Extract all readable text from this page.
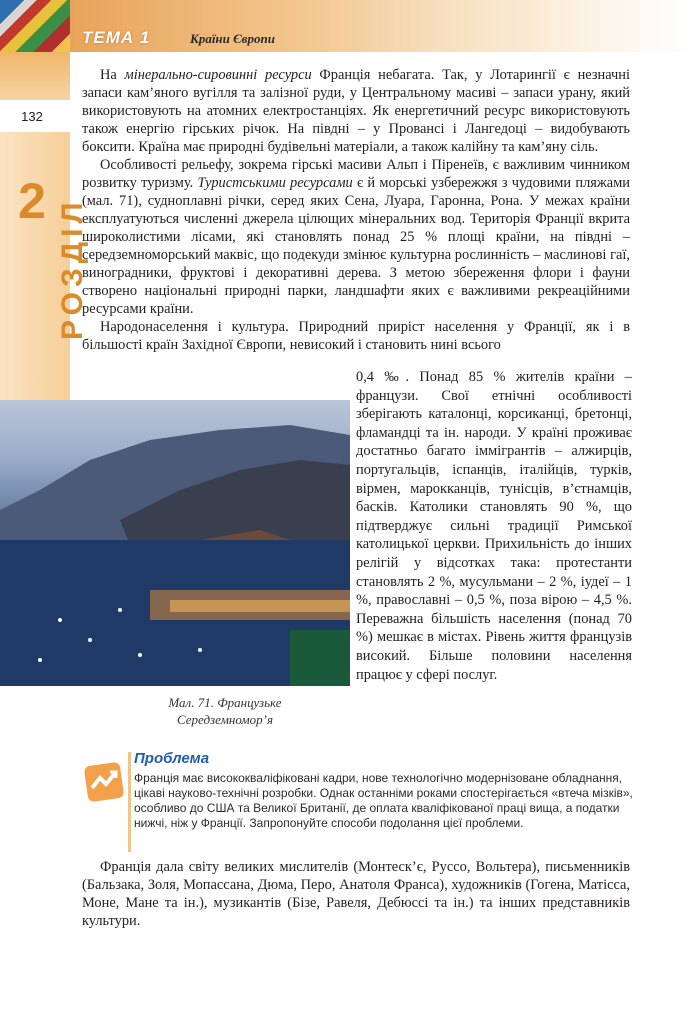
ТЕМА 1	Країни Європи
132
2 РОЗДІЛ

На мінерально-сировинні ресурси Франція небагата. Так, у Лотарингії є незначні запаси кам’яного вугілля та залізної руди, у Центральному масиві – запаси урану, який використовують на атомних електростанціях. Як енергетичний ресурс використовують також енергію гірських річок. На півдні – у Провансі і Лангедоці – видобувають боксити. Країна має природні будівельні матеріали, а також калійну та кам’яну сіль.

Особливості рельефу, зокрема гірські масиви Альп і Піренеїв, є важливим чинником розвитку туризму. Туристськими ресурсами є й морські узбережжя з чудовими пляжами (мал. 71), судноплавні річки, серед яких Сена, Луара, Гаронна, Рона. У межах країни експлуатуються численні джерела цілющих мінеральних вод. Територія Франції вкрита широколистими лісами, які становлять понад 25 % площі країни, на півдні – середземноморський маквіс, що подекуди змінює культурна рослинність – маслинові гаї, виноградники, фруктові і декоративні дерева. З метою збереження флори і фауни створено національні природні парки, ландшафти яких є важливими рекреаційними ресурсами країни.

Народонаселення і культура. Природний приріст населення у Франції, як і в більшості країн Західної Європи, невисокий і становить нині всього

Мал. 71. Французьке Середземномор’я

0,4 ‰. Понад 85 % жителів країни – французи. Свої етнічні особливості зберігають каталонці, корсиканці, бретонці, фламандці та ін. народи. У країні проживає достатньо багато іммігрантів – алжирців, португальців, іспанців, італійців, турків, вірмен, марокканців, тунісців, в’єтнамців, басків. Католики становлять 90 %, що підтверджує сильні традиції Римської католицької церкви. Прихильність до інших релігій у відсотках така: протестанти становлять 2 %, мусульмани – 2 %, іудеї – 1 %, православні – 0,5 %, поза вірою – 4,5 %. Переважна більшість населення (понад 70 %) мешкає в містах. Рівень життя французів високий. Більше половини населення працює у сфері послуг.

Проблема
Франція має висококваліфіковані кадри, нове технологічно модернізоване обладнання, цікаві науково-технічні розробки. Однак останніми роками спостерігається «втеча мізків», особливо до США та Великої Британії, де оплата кваліфікованої праці вища, а податки нижчі, ніж у Франції. Запропонуйте способи подолання цієї проблеми.

Франція дала світу великих мислителів (Монтеск’є, Руссо, Вольтера), письменників (Бальзака, Золя, Мопассана, Дюма, Перо, Анатоля Франса), художників (Гогена, Матісса, Моне, Мане та ін.), музикантів (Бізе, Равеля, Дебюссі та ін.) та інших представників культури.
